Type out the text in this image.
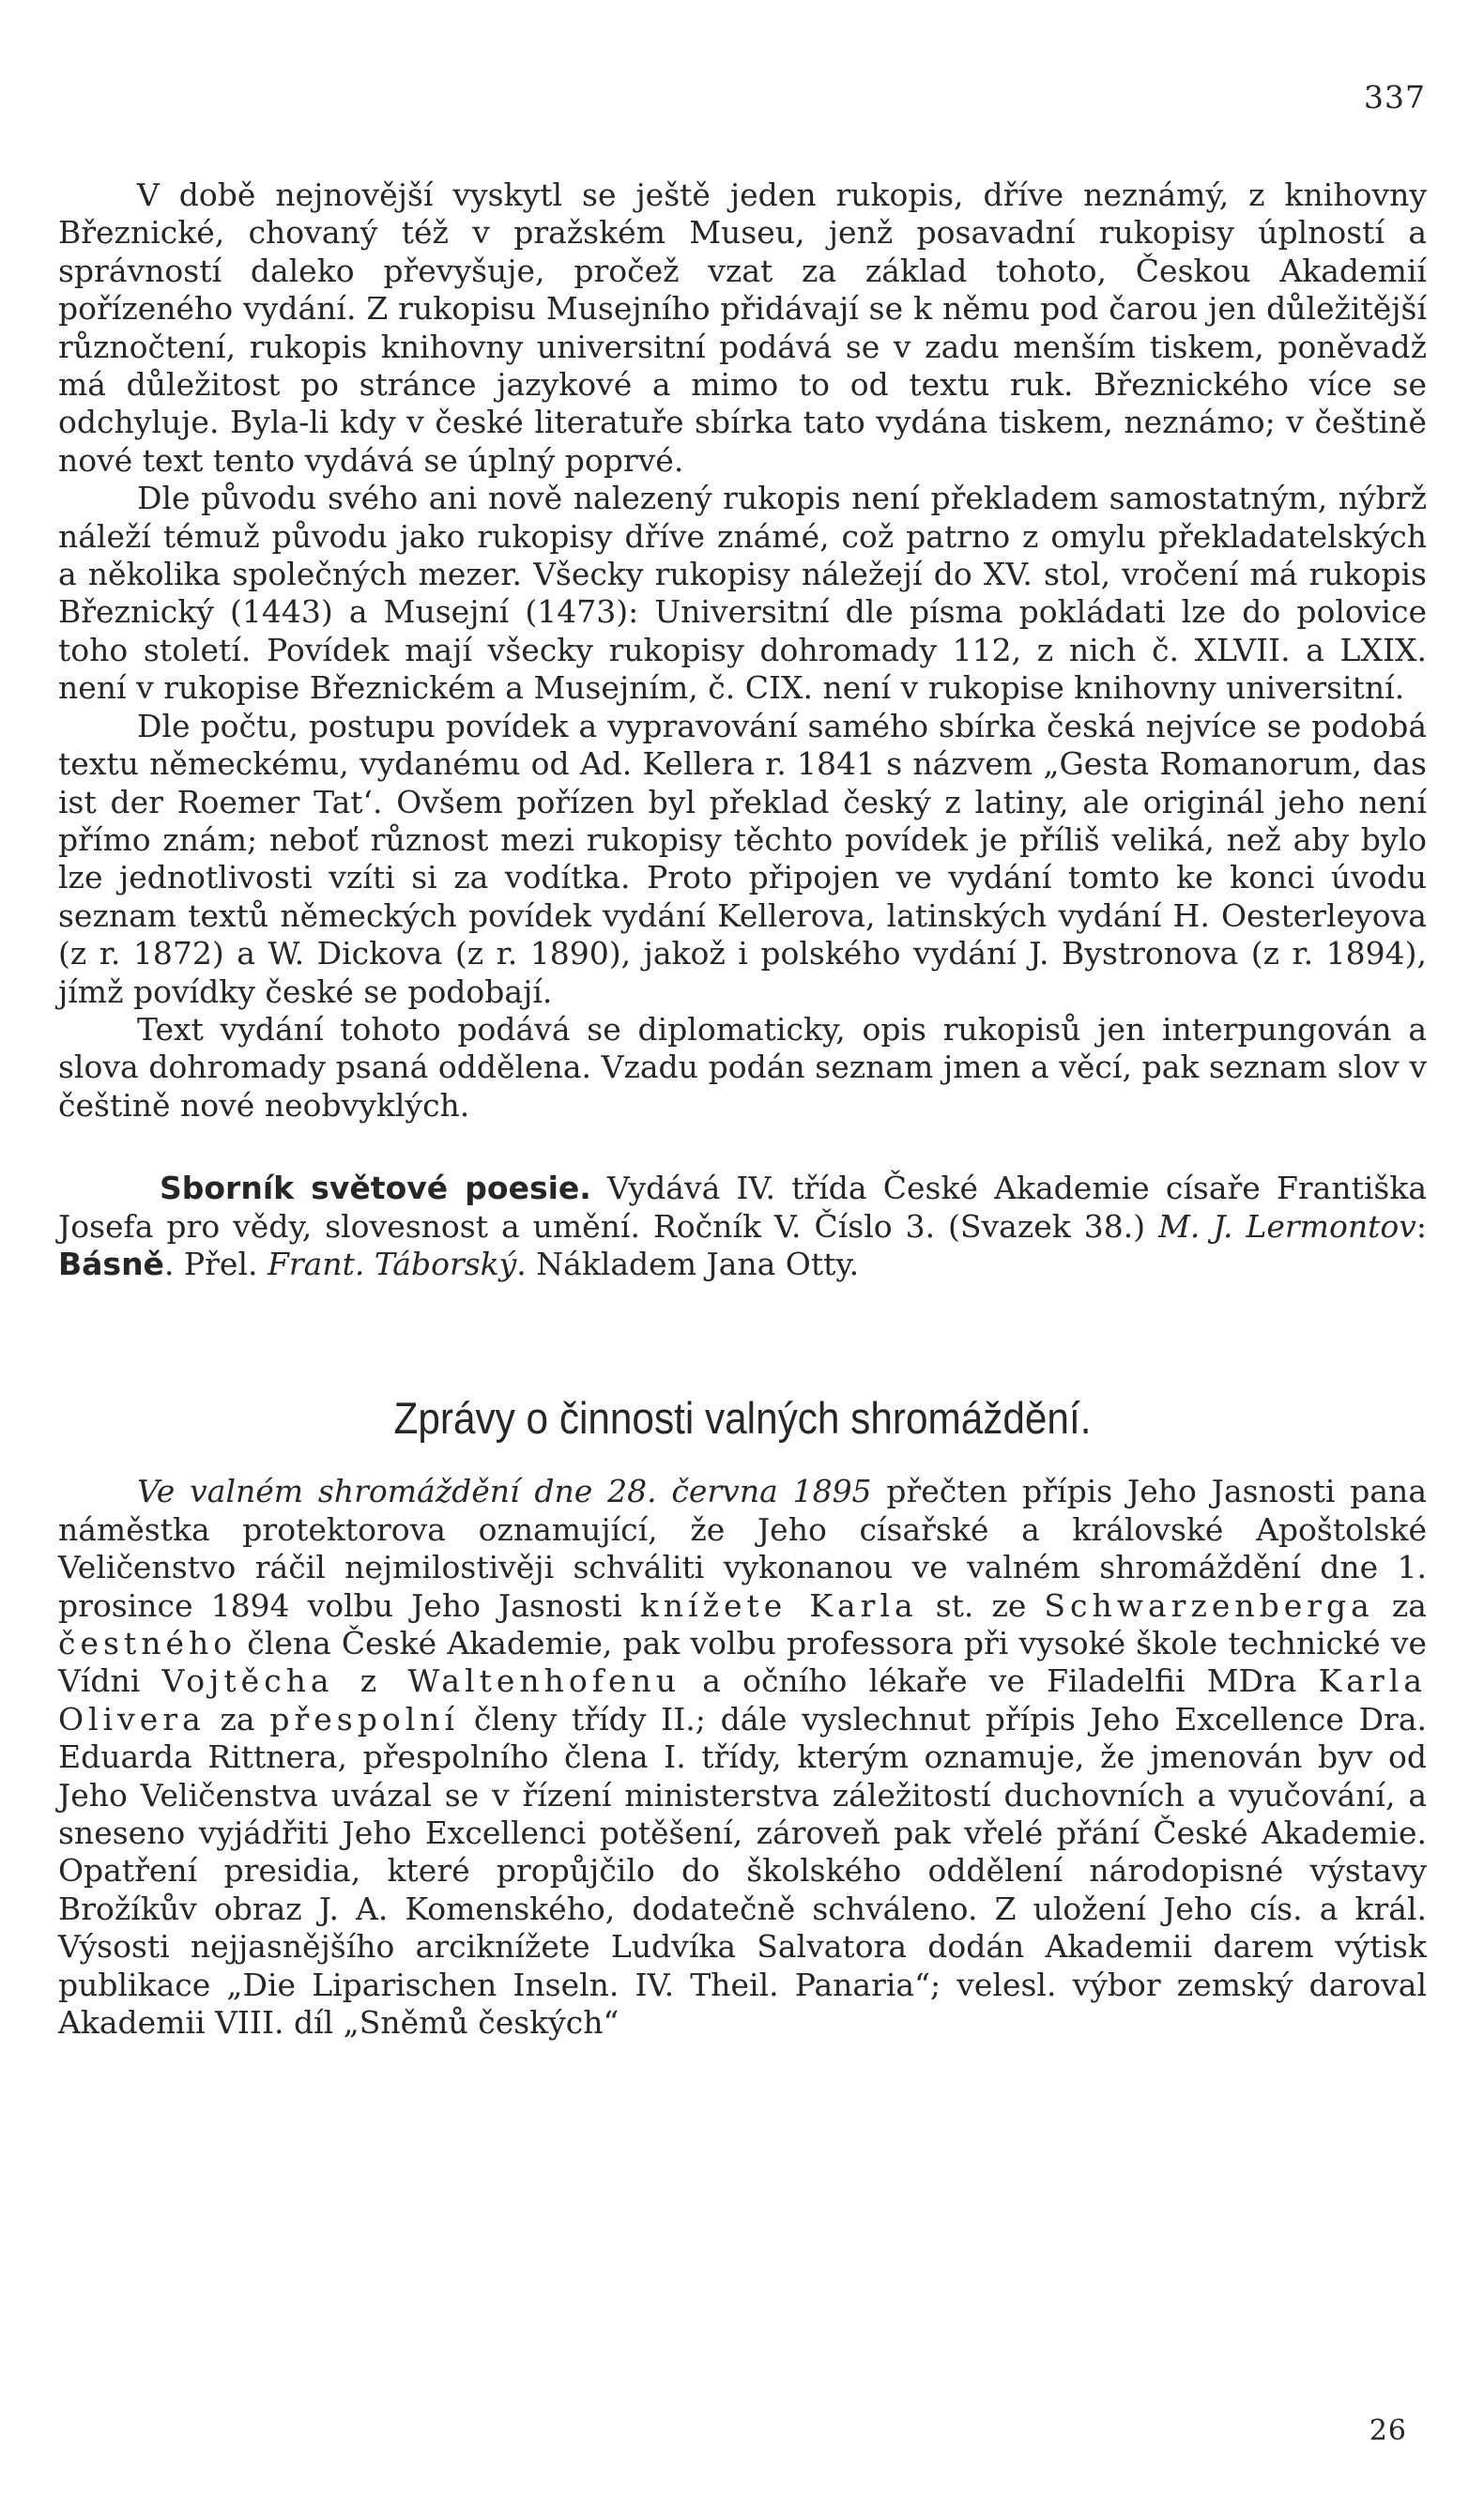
337

V době nejnovější vyskytl se ještě jeden rukopis, dříve neznámý, z knihovny Březnické, chovaný též v pražském Museu, jenž posavadní rukopisy úplností a správností daleko převyšuje, pročež vzat za základ tohoto, Českou Akademií pořízeného vydání. Z rukopisu Musejního přidávají se k němu pod čarou jen důležitější různočtení, rukopis knihovny universitní podává se v zadu menším tiskem, poněvadž má důležitost po stránce jazykové a mimo to od textu ruk. Březnického více se odchyluje. Byla-li kdy v české literatuře sbírka tato vydána tiskem, neznámo; v češtině nové text tento vydává se úplný poprvé.

Dle původu svého ani nově nalezený rukopis není překladem samostatným, nýbrž náleží témuž původu jako rukopisy dříve známé, což patrno z omylu překladatelských a několika společných mezer. Všecky rukopisy náležejí do XV. stol, vročení má rukopis Březnický (1443) a Musejní (1473): Universitní dle písma pokládati lze do polovice toho století. Povídek mají všecky rukopisy dohromady 112, z nich č. XLVII. a LXIX. není v rukopise Březnickém a Musejním, č. CIX. není v rukopise knihovny universitní.

Dle počtu, postupu povídek a vypravování samého sbírka česká nejvíce se podobá textu německému, vydanému od Ad. Kellera r. 1841 s názvem „Gesta Romanorum, das ist der Roemer Tat‘. Ovšem pořízen byl překlad český z latiny, ale originál jeho není přímo znám; neboť různost mezi rukopisy těchto povídek je příliš veliká, než aby bylo lze jednotlivosti vzíti si za vodítka. Proto připojen ve vydání tomto ke konci úvodu seznam textů německých povídek vydání Kellerova, latinských vydání H. Oesterleyova (z r. 1872) a W. Dickova (z r. 1890), jakož i polského vydání J. Bystronova (z r. 1894), jímž povídky české se podobají.

Text vydání tohoto podává se diplomaticky, opis rukopisů jen interpungován a slova dohromady psaná oddělena. Vzadu podán seznam jmen a věcí, pak seznam slov v češtině nové neobvyklých.

Sborník světové poesie. Vydává IV. třída České Akademie císaře Františka Josefa pro vědy, slovesnost a umění. Ročník V. Číslo 3. (Svazek 38.) M. J. Lermontov: Básně. Přel. Frant. Táborský. Nákladem Jana Otty.

Zprávy o činnosti valných shromáždění.

Ve valném shromáždění dne 28. června 1895 přečten přípis Jeho Jasnosti pana náměstka protektorova oznamující, že Jeho císařské a královské Apoštolské Veličenstvo ráčil nejmilostivěji schváliti vykonanou ve valném shromáždění dne 1. prosince 1894 volbu Jeho Jasnosti knížete Karla st. ze Schwarzenberga za čestného člena České Akademie, pak volbu professora při vysoké škole technické ve Vídni Vojtěcha z Waltenhofenu a očního lékaře ve Filadelfii MDra Karla Olivera za přespolní členy třídy II.; dále vyslechnut přípis Jeho Excellence Dra. Eduarda Rittnera, přespolního člena I. třídy, kterým oznamuje, že jmenován byv od Jeho Veličenstva uvázal se v řízení ministerstva záležitostí duchovních a vyučování, a sneseno vyjádřiti Jeho Excellenci potěšení, zároveň pak vřelé přání České Akademie. Opatření presidia, které propůjčilo do školského oddělení národopisné výstavy Brožíkův obraz J. A. Komenského, dodatečně schváleno. Z uložení Jeho cís. a král. Výsosti nejjasnějšího arciknížete Ludvíka Salvatora dodán Akademii darem výtisk publikace „Die Liparischen Inseln. IV. Theil. Panaria“; velesl. výbor zemský daroval Akademii VIII. díl „Sněmů českých“

26
